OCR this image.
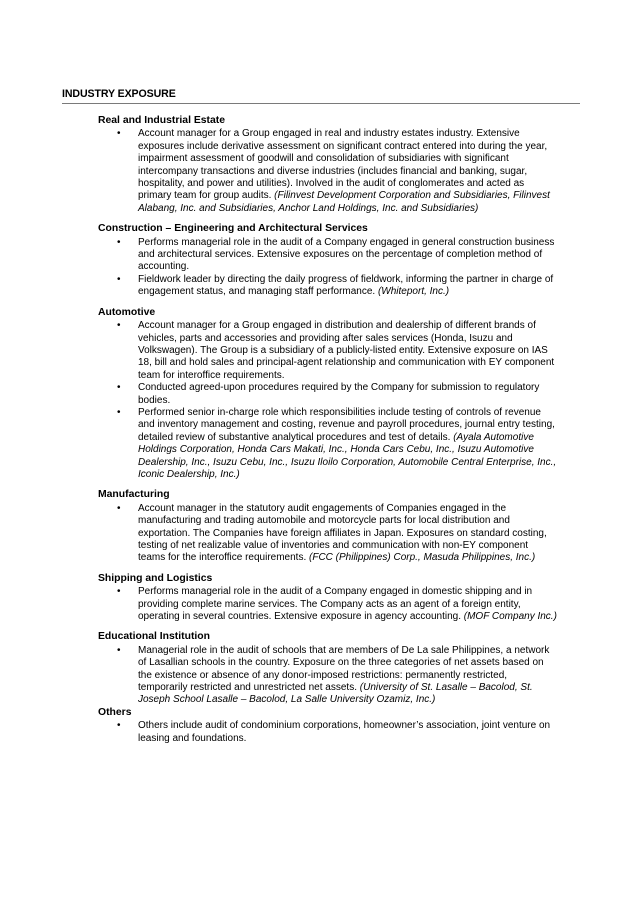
INDUSTRY EXPOSURE
Real and Industrial Estate
• Account manager for a Group engaged in real and industry estates industry. Extensive exposures include derivative assessment on significant contract entered into during the year, impairment assessment of goodwill and consolidation of subsidiaries with significant intercompany transactions and diverse industries (includes financial and banking, sugar, hospitality, and power and utilities). Involved in the audit of conglomerates and acted as primary team for group audits. (Filinvest Development Corporation and Subsidiaries, Filinvest Alabang, Inc. and Subsidiaries, Anchor Land Holdings, Inc. and Subsidiaries)
Construction – Engineering and Architectural Services
• Performs managerial role in the audit of a Company engaged in general construction business and architectural services. Extensive exposures on the percentage of completion method of accounting.
• Fieldwork leader by directing the daily progress of fieldwork, informing the partner in charge of engagement status, and managing staff performance. (Whiteport, Inc.)
Automotive
• Account manager for a Group engaged in distribution and dealership of different brands of vehicles, parts and accessories and providing after sales services (Honda, Isuzu and Volkswagen). The Group is a subsidiary of a publicly-listed entity. Extensive exposure on IAS 18, bill and hold sales and principal-agent relationship and communication with EY component team for interoffice requirements.
• Conducted agreed-upon procedures required by the Company for submission to regulatory bodies.
• Performed senior in-charge role which responsibilities include testing of controls of revenue and inventory management and costing, revenue and payroll procedures, journal entry testing, detailed review of substantive analytical procedures and test of details. (Ayala Automotive Holdings Corporation, Honda Cars Makati, Inc., Honda Cars Cebu, Inc., Isuzu Automotive Dealership, Inc., Isuzu Cebu, Inc., Isuzu Iloilo Corporation, Automobile Central Enterprise, Inc., Iconic Dealership, Inc.)
Manufacturing
• Account manager in the statutory audit engagements of Companies engaged in the manufacturing and trading automobile and motorcycle parts for local distribution and exportation. The Companies have foreign affiliates in Japan. Exposures on standard costing, testing of net realizable value of inventories and communication with non-EY component teams for the interoffice requirements. (FCC (Philippines) Corp., Masuda Philippines, Inc.)
Shipping and Logistics
• Performs managerial role in the audit of a Company engaged in domestic shipping and in providing complete marine services. The Company acts as an agent of a foreign entity, operating in several countries. Extensive exposure in agency accounting. (MOF Company Inc.)
Educational Institution
• Managerial role in the audit of schools that are members of De La sale Philippines, a network of Lasallian schools in the country. Exposure on the three categories of net assets based on the existence or absence of any donor-imposed restrictions: permanently restricted, temporarily restricted and unrestricted net assets. (University of St. Lasalle – Bacolod, St. Joseph School Lasalle – Bacolod, La Salle University Ozamiz, Inc.)
Others
• Others include audit of condominium corporations, homeowner’s association, joint venture on leasing and foundations.
